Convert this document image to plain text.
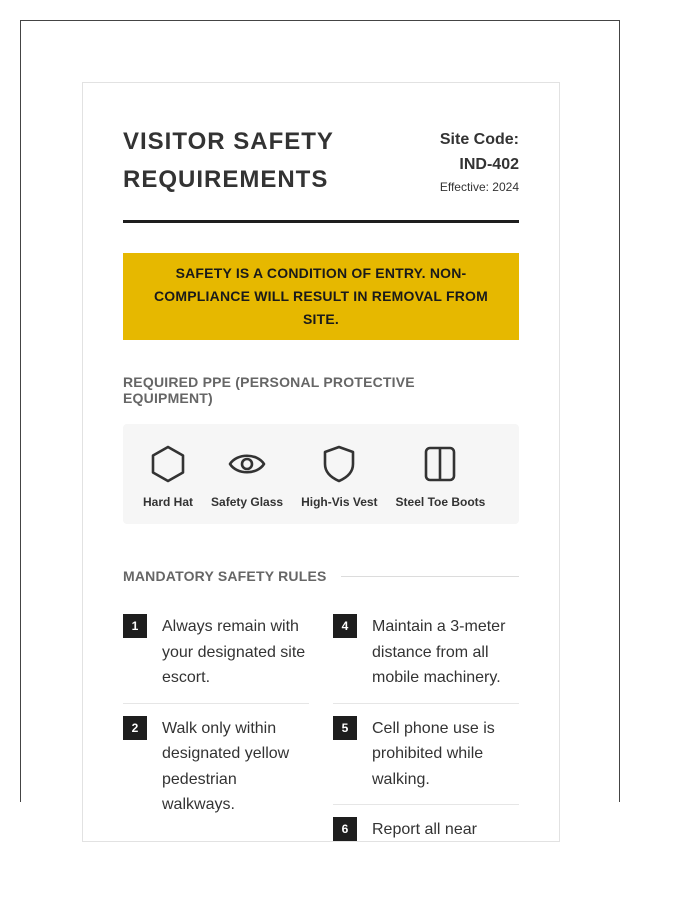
VISITOR SAFETY REQUIREMENTS
Site Code:
IND-402
Effective: 2024
SAFETY IS A CONDITION OF ENTRY. NON-COMPLIANCE WILL RESULT IN REMOVAL FROM SITE.
REQUIRED PPE (PERSONAL PROTECTIVE EQUIPMENT)
Hard Hat Safety Glass High-Vis Vest Steel Toe Boots
MANDATORY SAFETY RULES
1	Always remain with your designated site escort.
2	Walk only within designated yellow pedestrian walkways.
4	Maintain a 3-meter distance from all mobile machinery.
5	Cell phone use is prohibited while walking.
6	Report all near
